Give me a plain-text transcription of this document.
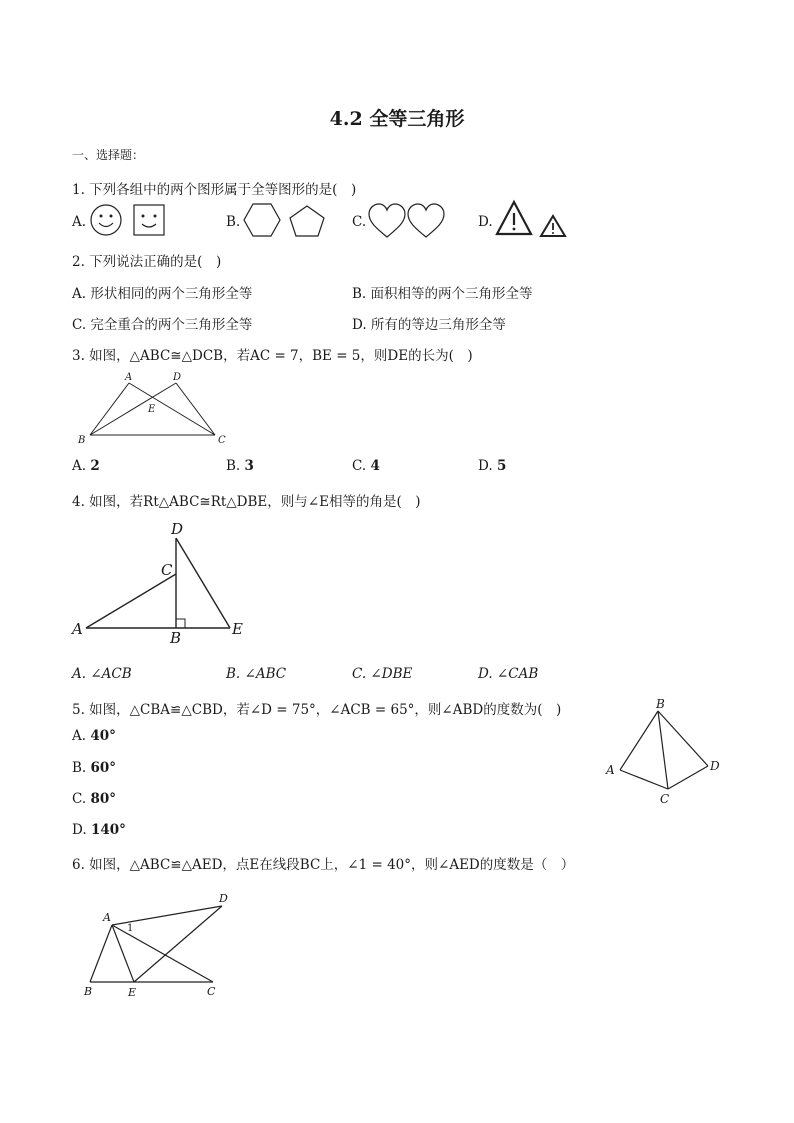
4.2 全等三角形
一、选择题：
1. 下列各组中的两个图形属于全等图形的是(　)
A.	B.	C.	D.
2. 下列说法正确的是(　)
A. 形状相同的两个三角形全等	B. 面积相等的两个三角形全等
C. 完全重合的两个三角形全等	D. 所有的等边三角形全等
3. 如图，△ABC≅△DCB，若AC = 7，BE = 5，则DE的长为(　)
A	D
E
B	C
A. 2	B. 3	C. 4	D. 5
4. 如图，若Rt△ABC≅Rt△DBE，则与∠E相等的角是(　)
D
C
A	B	E
A. ∠ACB	B. ∠ABC	C. ∠DBE	D. ∠CAB
5. 如图，△CBA≌△CBD，若∠D = 75°，∠ACB = 65°，则∠ABD的度数为(　)
A. 40°
B. 60°
C. 80°
D. 140°
B
A	D
C
6. 如图，△ABC≌△AED，点E在线段BC上，∠1 = 40°，则∠AED的度数是（　）
D
A
1
B	E	C
